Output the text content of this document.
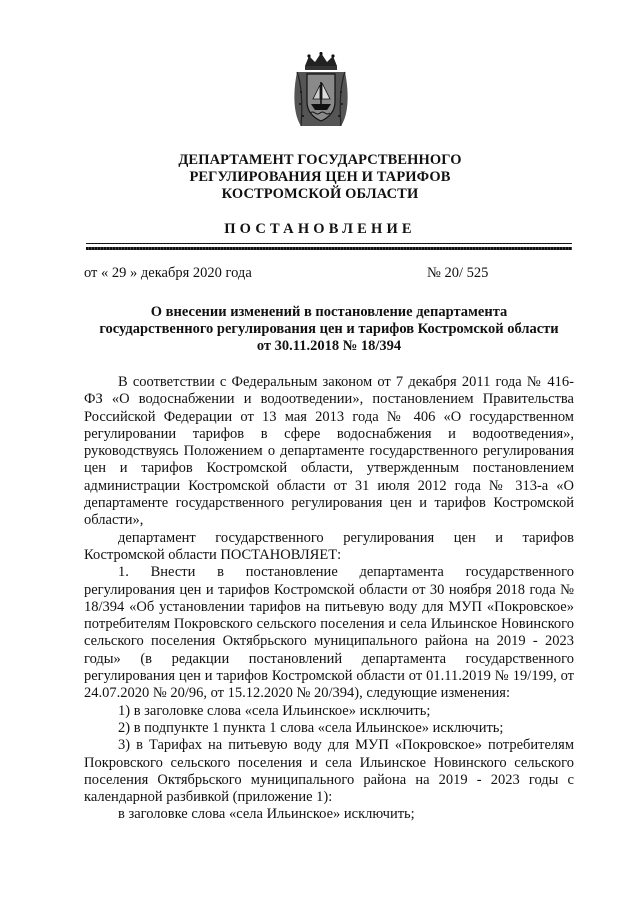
ДЕПАРТАМЕНТ ГОСУДАРСТВЕННОГО
РЕГУЛИРОВАНИЯ ЦЕН И ТАРИФОВ
КОСТРОМСКОЙ ОБЛАСТИ
ПОСТАНОВЛЕНИЕ
от « 29 » декабря 2020 года	№ 20/ 525
О внесении изменений в постановление департамента
государственного регулирования цен и тарифов Костромской области
от 30.11.2018 № 18/394

В соответствии с Федеральным законом от 7 декабря 2011 года № 416-ФЗ «О водоснабжении и водоотведении», постановлением Правительства Российской Федерации от 13 мая 2013 года № 406 «О государственном регулировании тарифов в сфере водоснабжения и водоотведения», руководствуясь Положением о департаменте государственного регулирования цен и тарифов Костромской области, утвержденным постановлением администрации Костромской области от 31 июля 2012 года № 313-а «О департаменте государственного регулирования цен и тарифов Костромской области»,

департамент государственного регулирования цен и тарифов Костромской области ПОСТАНОВЛЯЕТ:

1. Внести в постановление департамента государственного регулирования цен и тарифов Костромской области от 30 ноября 2018 года № 18/394 «Об установлении тарифов на питьевую воду для МУП «Покровское» потребителям Покровского сельского поселения и села Ильинское Новинского сельского поселения Октябрьского муниципального района на 2019 - 2023 годы» (в редакции постановлений департамента государственного регулирования цен и тарифов Костромской области от 01.11.2019 № 19/199, от 24.07.2020 № 20/96, от 15.12.2020 № 20/394), следующие изменения:

1) в заголовке слова «села Ильинское» исключить;

2) в подпункте 1 пункта 1 слова «села Ильинское» исключить;

3) в Тарифах на питьевую воду для МУП «Покровское» потребителям Покровского сельского поселения и села Ильинское Новинского сельского поселения Октябрьского муниципального района на 2019 - 2023 годы с календарной разбивкой (приложение 1):

в заголовке слова «села Ильинское» исключить;
